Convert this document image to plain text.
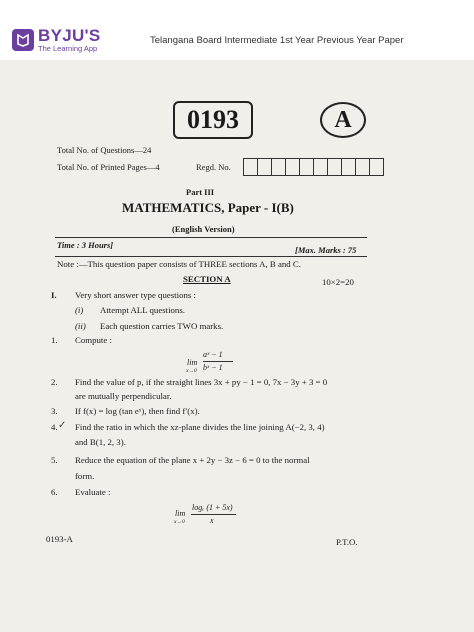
BYJU'S
The Learning App
Telangana Board Intermediate 1st Year Previous Year Paper
0193	A
Total No. of Questions—24
Total No. of Printed Pages—4	Regd. No.
Part III
MATHEMATICS, Paper - I(B)
(English Version)
Time : 3 Hours]	[Max. Marks : 75
Note :—This question paper consists of THREE sections A, B and C.
SECTION A	10×2=20
I. Very short answer type questions :
(i) Attempt ALL questions.
(ii) Each question carries TWO marks.
1. Compute :
lim
x→0
aˣ − 1
bˣ − 1
2. Find the value of p, if the straight lines 3x + py − 1 = 0, 7x − 3y + 3 = 0
are mutually perpendicular.
3. If f(x) = log (tan eˣ), then find f′(x).
4. ✓ Find the ratio in which the xz-plane divides the line joining A(−2, 3, 4)
and B(1, 2, 3).
5. Reduce the equation of the plane x + 2y − 3z − 6 = 0 to the normal
form.
6. Evaluate :
lim
x→0
logₑ (1 + 5x)
x
0193-A	P.T.O.
